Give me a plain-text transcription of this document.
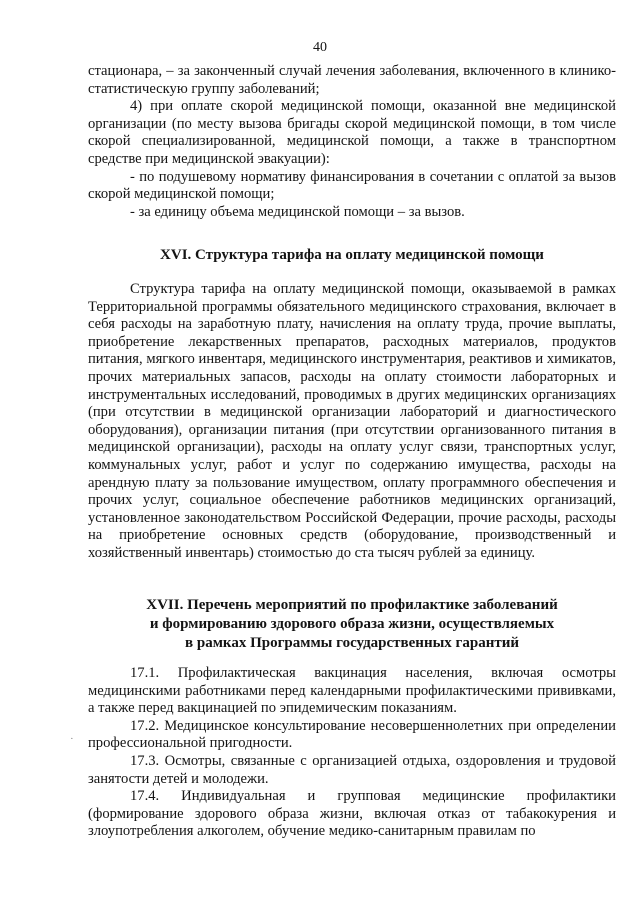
40

стационара, – за законченный случай лечения заболевания, включенного в клинико-статистическую группу заболеваний;

4) при оплате скорой медицинской помощи, оказанной вне медицинской организации (по месту вызова бригады скорой медицинской помощи, в том числе скорой специализированной, медицинской помощи, а также в транспортном средстве при медицинской эвакуации):

- по подушевому нормативу финансирования в сочетании с оплатой за вызов скорой медицинской помощи;

- за единицу объема медицинской помощи – за вызов.

XVI. Структура тарифа на оплату медицинской помощи

Структура тарифа на оплату медицинской помощи, оказываемой в рамках Территориальной программы обязательного медицинского страхования, включает в себя расходы на заработную плату, начисления на оплату труда, прочие выплаты, приобретение лекарственных препаратов, расходных материалов, продуктов питания, мягкого инвентаря, медицинского инструментария, реактивов и химикатов, прочих материальных запасов, расходы на оплату стоимости лабораторных и инструментальных исследований, проводимых в других медицинских организациях (при отсутствии в медицинской организации лабораторий и диагностического оборудования), организации питания (при отсутствии организованного питания в медицинской организации), расходы на оплату услуг связи, транспортных услуг, коммунальных услуг, работ и услуг по содержанию имущества, расходы на арендную плату за пользование имуществом, оплату программного обеспечения и прочих услуг, социальное обеспечение работников медицинских организаций, установленное законодательством Российской Федерации, прочие расходы, расходы на приобретение основных средств (оборудование, производственный и хозяйственный инвентарь) стоимостью до ста тысяч рублей за единицу.

XVII. Перечень мероприятий по профилактике заболеваний

и формированию здорового образа жизни, осуществляемых

в рамках Программы государственных гарантий

17.1. Профилактическая вакцинация населения, включая осмотры медицинскими работниками перед календарными профилактическими прививками, а также перед вакцинацией по эпидемическим показаниям.

17.2. Медицинское консультирование несовершеннолетних при определении профессиональной пригодности.

17.3. Осмотры, связанные с организацией отдыха, оздоровления и трудовой занятости детей и молодежи.

17.4. Индивидуальная и групповая медицинские профилактики (формирование здорового образа жизни, включая отказ от табакокурения и злоупотребления алкоголем, обучение медико-санитарным правилам по

·
